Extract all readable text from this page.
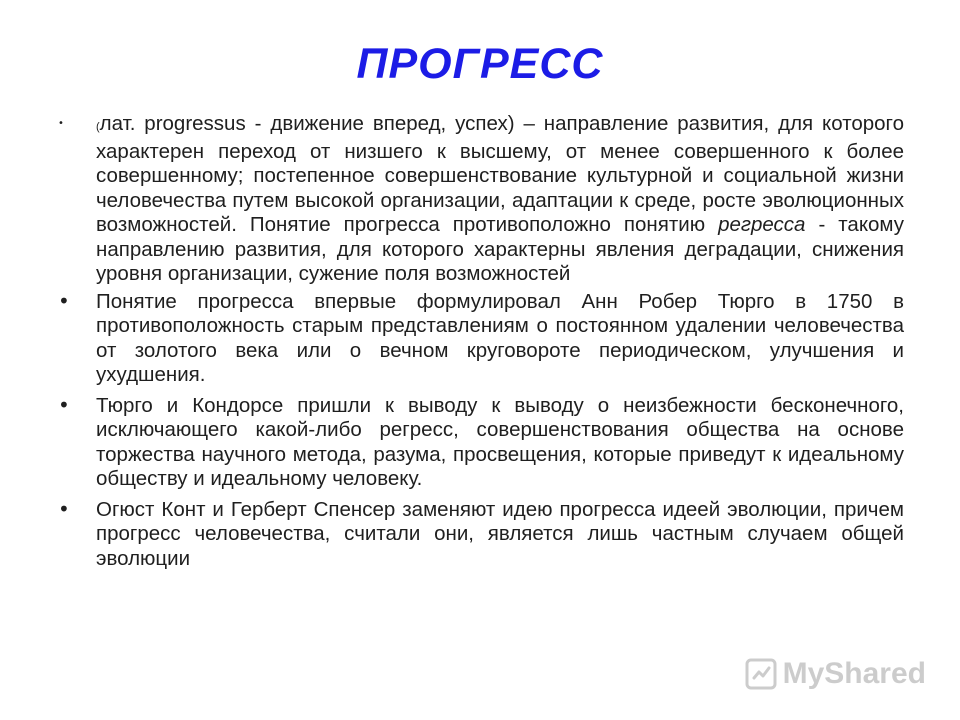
ПРОГРЕСС
•	(лат. progressus - движение вперед, успех) – направление развития, для которого характерен переход от низшего к высшему, от менее совершенного к более совершенному; постепенное совершенствование культурной и социальной жизни человечества путем высокой организации, адаптации к среде, росте эволюционных возможностей. Понятие прогресса противоположно понятию регресса - такому направлению развития, для которого характерны явления деградации, снижения уровня организации, сужение поля возможностей
• Понятие прогресса впервые формулировал Анн Робер Тюрго в 1750 в противоположность старым представлениям о постоянном удалении человечества от золотого века или о вечном круговороте периодическом, улучшения и ухудшения.
• Тюрго и Кондорсе пришли к выводу к выводу о неизбежности бесконечного, исключающего какой-либо регресс, совершенствования общества на основе торжества научного метода, разума, просвещения, которые приведут к идеальному обществу и идеальному человеку.
• Огюст Конт и Герберт Спенсер заменяют идею прогресса идеей эволюции, причем прогресс человечества, считали они, является лишь частным случаем общей эволюции
MyShared
